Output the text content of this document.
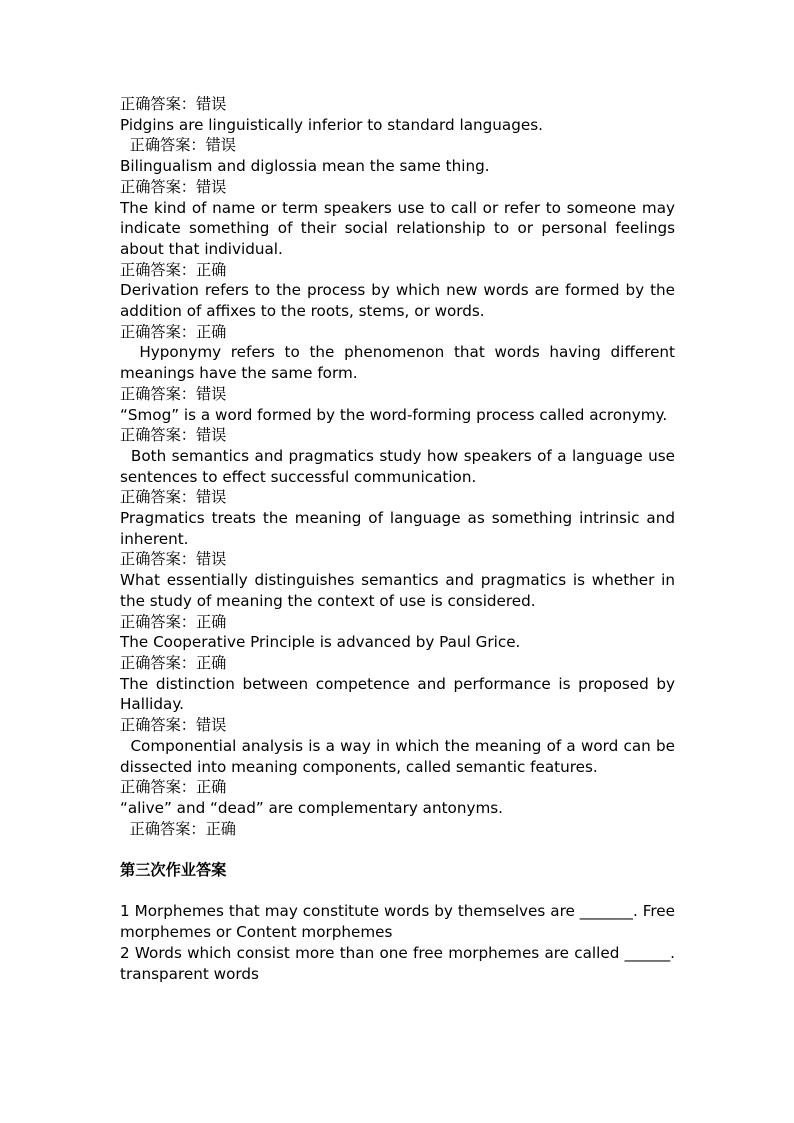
正确答案：错误
Pidgins are linguistically inferior to standard languages.
正确答案：错误
Bilingualism and diglossia mean the same thing.
正确答案：错误
The kind of name or term speakers use to call or refer to someone may indicate something of their social relationship to or personal feelings about that individual.
正确答案：正确
Derivation refers to the process by which new words are formed by the addition of affixes to the roots, stems, or words.
正确答案：正确
Hyponymy refers to the phenomenon that words having different meanings have the same form.
正确答案：错误
“Smog” is a word formed by the word-forming process called acronymy.
正确答案：错误
Both semantics and pragmatics study how speakers of a language use sentences to effect successful communication.
正确答案：错误
Pragmatics treats the meaning of language as something intrinsic and inherent.
正确答案：错误
What essentially distinguishes semantics and pragmatics is whether in the study of meaning the context of use is considered.
正确答案：正确
The Cooperative Principle is advanced by Paul Grice.
正确答案：正确
The distinction between competence and performance is proposed by Halliday.
正确答案：错误
Componential analysis is a way in which the meaning of a word can be dissected into meaning components, called semantic features.
正确答案：正确
“alive” and “dead” are complementary antonyms.
正确答案：正确
第三次作业答案
1 Morphemes that may constitute words by themselves are _______. Free morphemes or Content morphemes
2 Words which consist more than one free morphemes are called ______. transparent words
